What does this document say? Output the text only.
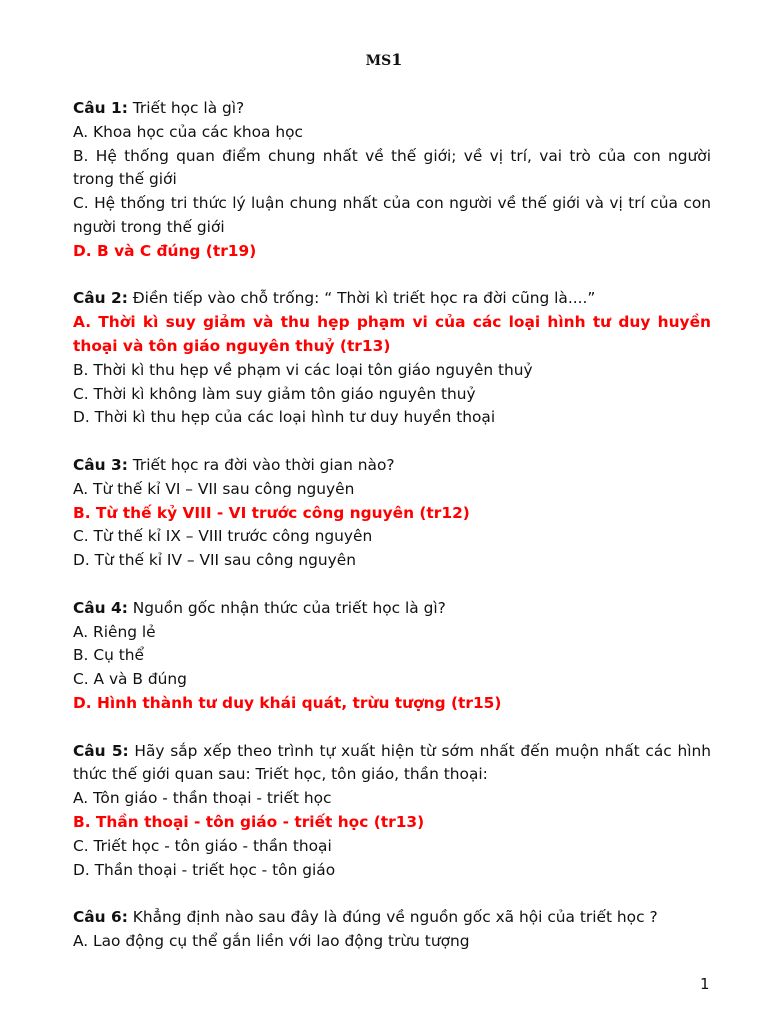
MS1

Câu 1: Triết học là gì?

A. Khoa học của các khoa học

B. Hệ thống quan điểm chung nhất về thế giới; về vị trí, vai trò của con người trong thế giới

C. Hệ thống tri thức lý luận chung nhất của con người về thế giới và vị trí của con người trong thế giới

D. B và C đúng (tr19)

Câu 2: Điền tiếp vào chỗ trống: “ Thời kì triết học ra đời cũng là....”

A. Thời kì suy giảm và thu hẹp phạm vi của các loại hình tư duy huyền thoại và tôn giáo nguyên thuỷ (tr13)

B. Thời kì thu hẹp về phạm vi các loại tôn giáo nguyên thuỷ

C. Thời kì không làm suy giảm tôn giáo nguyên thuỷ

D. Thời kì thu hẹp của các loại hình tư duy huyền thoại

Câu 3: Triết học ra đời vào thời gian nào?

A. Từ thế kỉ VI – VII sau công nguyên

B. Từ thế kỷ VIII - VI trước công nguyên (tr12)

C. Từ thế kỉ IX – VIII trước công nguyên

D. Từ thế kỉ IV – VII sau công nguyên

Câu 4: Nguồn gốc nhận thức của triết học là gì?

A. Riêng lẻ

B. Cụ thể

C. A và B đúng

D. Hình thành tư duy khái quát, trừu tượng (tr15)

Câu 5: Hãy sắp xếp theo trình tự xuất hiện từ sớm nhất đến muộn nhất các hình thức thế giới quan sau: Triết học, tôn giáo, thần thoại:

A. Tôn giáo - thần thoại - triết học

B. Thần thoại - tôn giáo - triết học (tr13)

C. Triết học - tôn giáo - thần thoại

D. Thần thoại - triết học - tôn giáo

Câu 6: Khẳng định nào sau đây là đúng về nguồn gốc xã hội của triết học ?

A. Lao động cụ thể gắn liền với lao động trừu tượng

1
